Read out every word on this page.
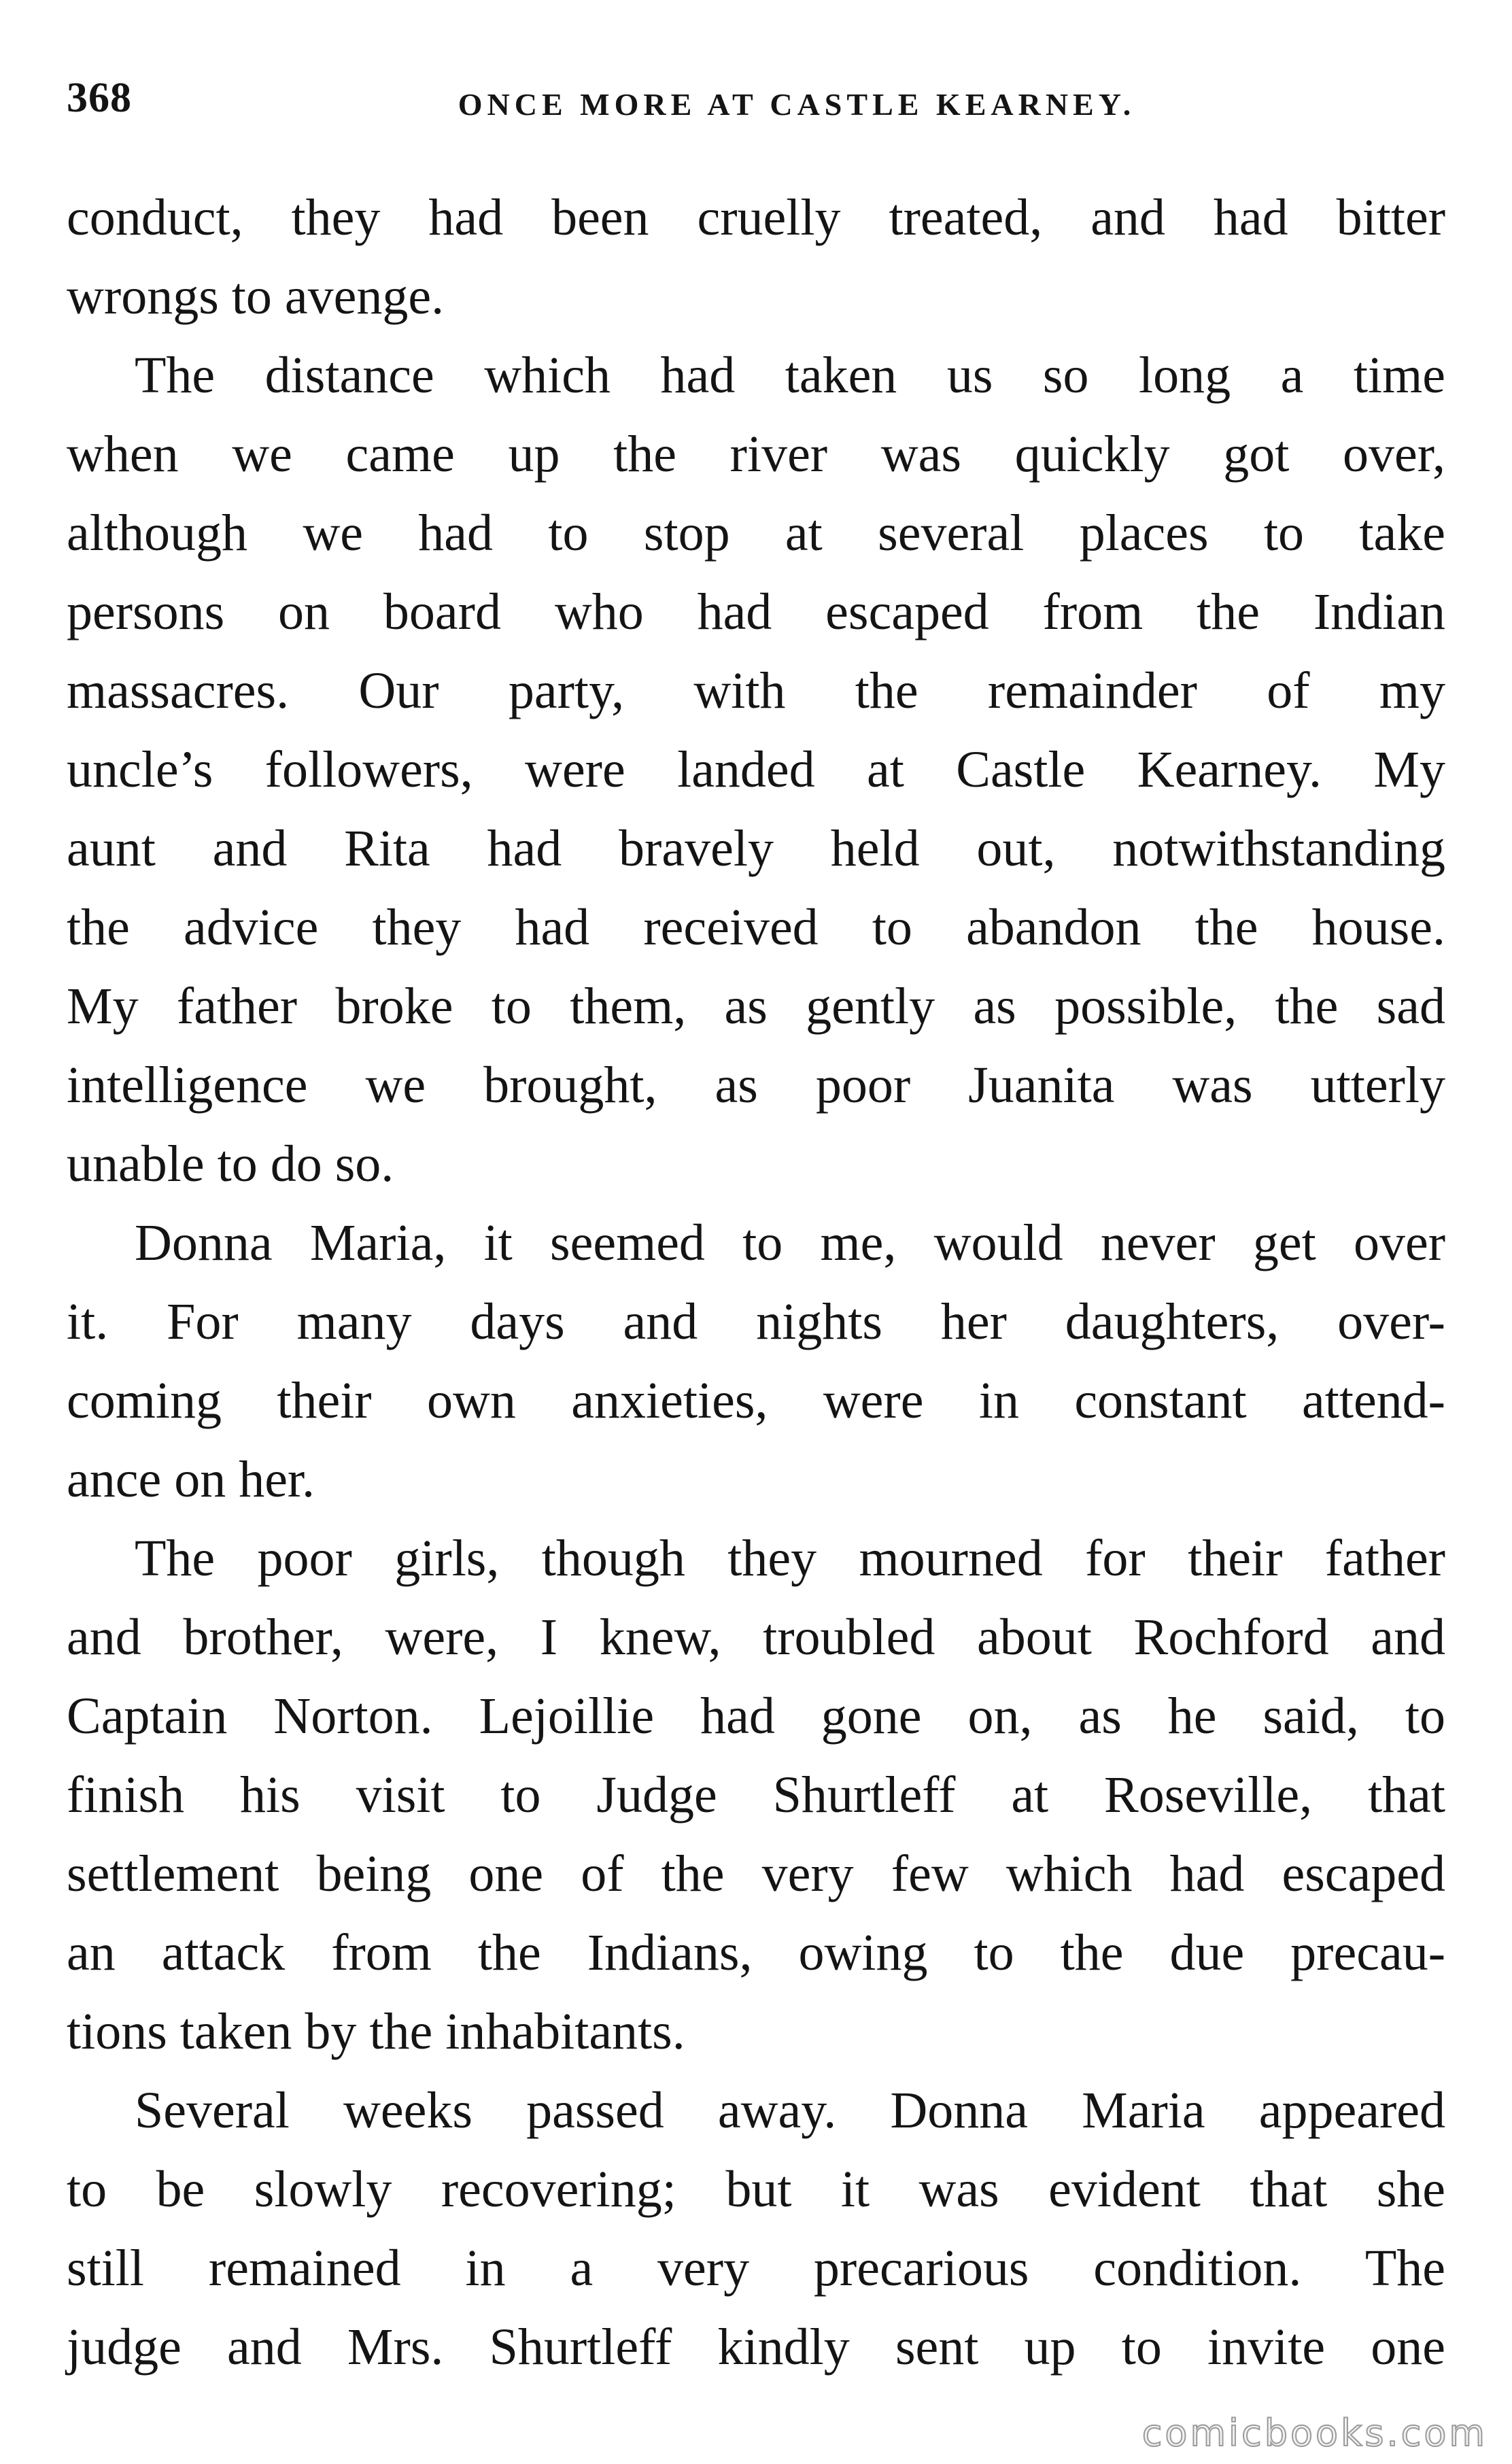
368	ONCE MORE AT CASTLE KEARNEY.

conduct, they had been cruelly treated, and had bitter
wrongs to avenge.

The distance which had taken us so long a time
when we came up the river was quickly got over,
although we had to stop at several places to take
persons on board who had escaped from the Indian
massacres. Our party, with the remainder of my
uncle’s followers, were landed at Castle Kearney. My
aunt and Rita had bravely held out, notwithstanding
the advice they had received to abandon the house.
My father broke to them, as gently as possible, the sad
intelligence we brought, as poor Juanita was utterly
unable to do so.

Donna Maria, it seemed to me, would never get over
it. For many days and nights her daughters, over-
coming their own anxieties, were in constant attend-
ance on her.

The poor girls, though they mourned for their father
and brother, were, I knew, troubled about Rochford and
Captain Norton. Lejoillie had gone on, as he said, to
finish his visit to Judge Shurtleff at Roseville, that
settlement being one of the very few which had escaped
an attack from the Indians, owing to the due precau-
tions taken by the inhabitants.

Several weeks passed away. Donna Maria appeared
to be slowly recovering; but it was evident that she
still remained in a very precarious condition. The
judge and Mrs. Shurtleff kindly sent up to invite one

comicbooks.com
